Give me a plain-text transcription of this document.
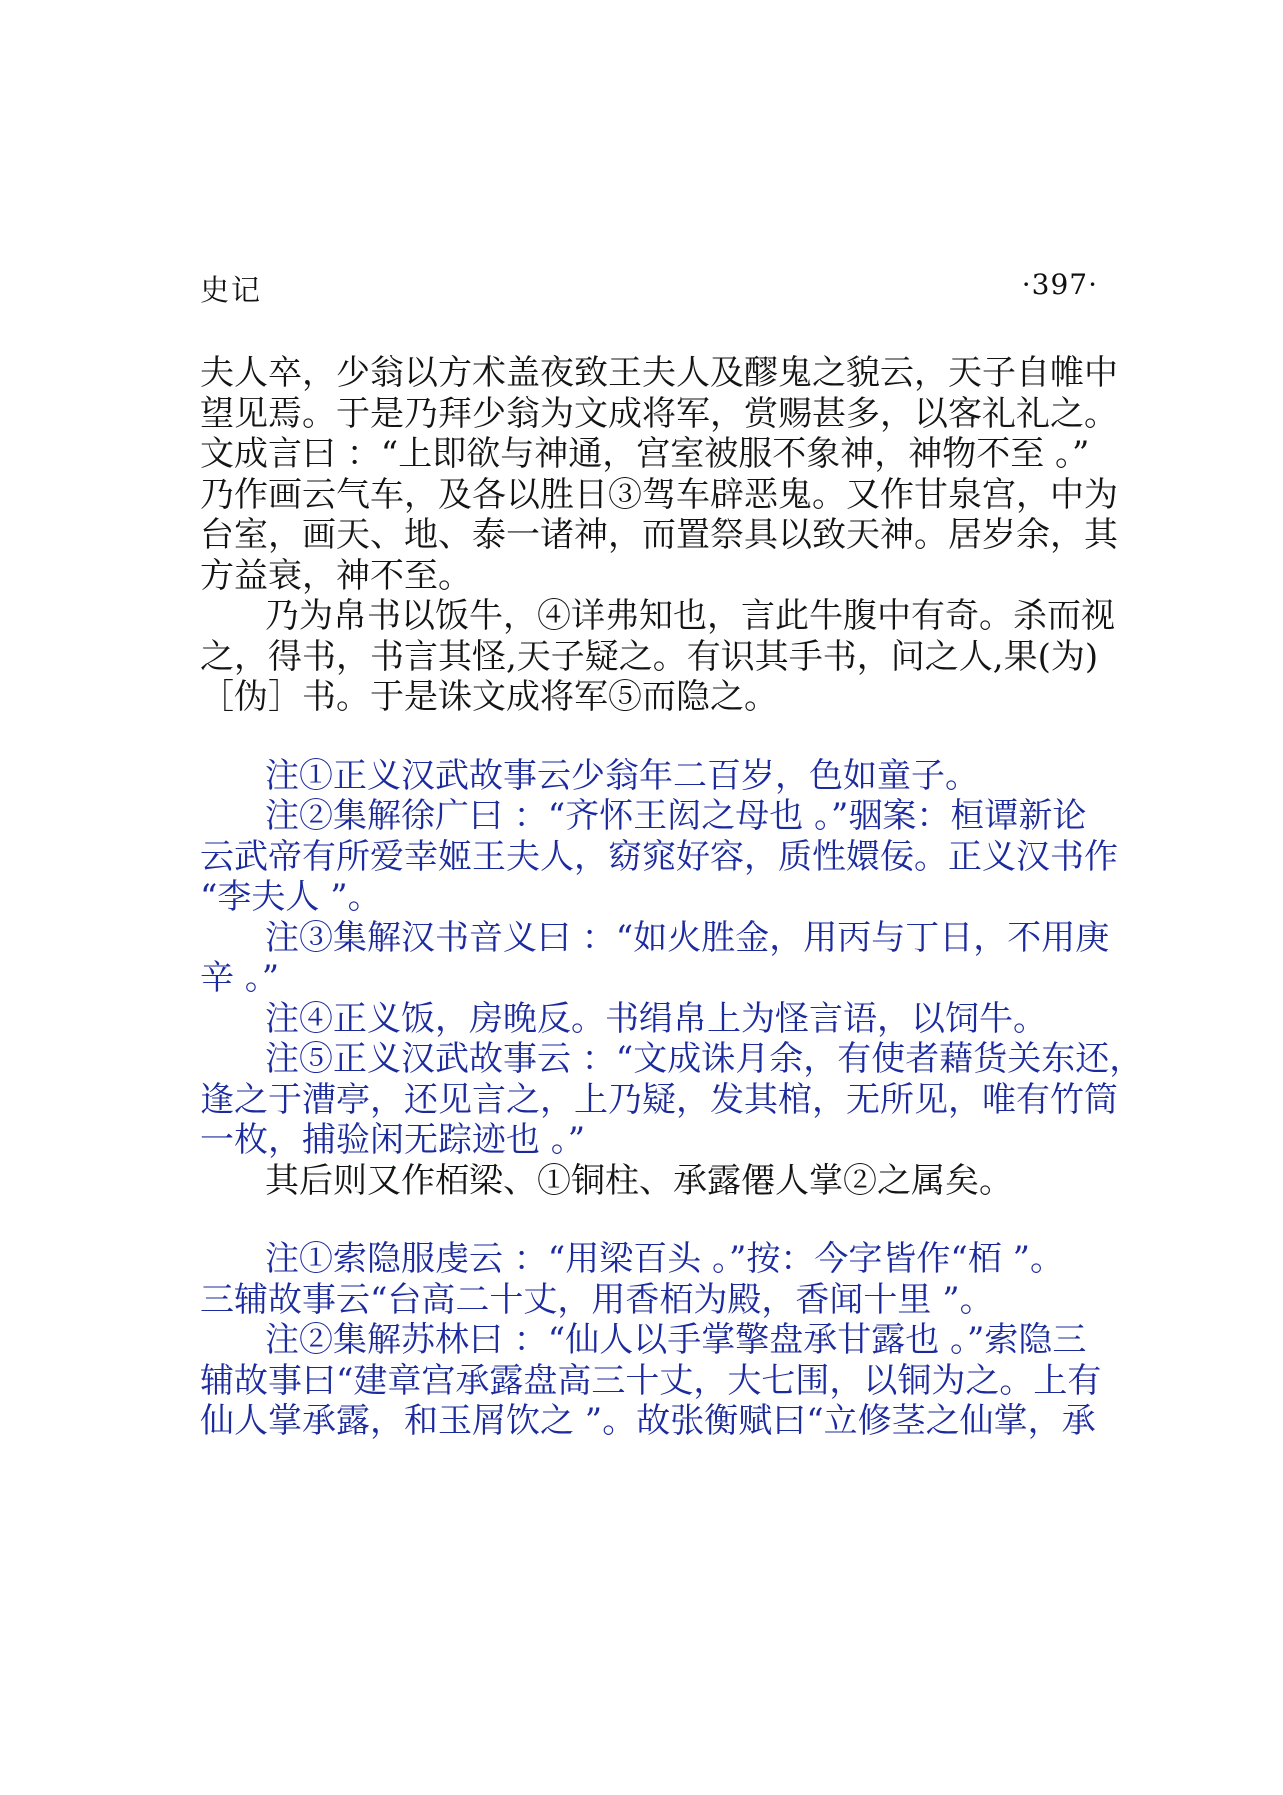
史记	·397·
夫人卒，少翁以方术盖夜致王夫人及醪鬼之貌云，天子自帷中
望见焉。于是乃拜少翁为文成将军，赏赐甚多，以客礼礼之。
文成言曰 ：“上即欲与神通，宫室被服不象神，神物不至 。”
乃作画云气车，及各以胜日③驾车辟恶鬼。又作甘泉宫，中为
台室，画天、地、泰一诸神，而置祭具以致天神。居岁余，其
方益衰，神不至。
乃为帛书以饭牛，④详弗知也，言此牛腹中有奇。杀而视
之，得书，书言其怪,天子疑之。有识其手书，问之人,果(为)
［伪］书。于是诛文成将军⑤而隐之。
注①正义汉武故事云少翁年二百岁，色如童子。
注②集解徐广曰 ：“齐怀王闳之母也 。”骃案：桓谭新论
云武帝有所爱幸姬王夫人，窈窕好容，质性嬛佞。正义汉书作
“李夫人 ”。
注③集解汉书音义曰 ：“如火胜金，用丙与丁日，不用庚
辛 。”
注④正义饭，房晚反。书绢帛上为怪言语，以饲牛。
注⑤正义汉武故事云 ：“文成诛月余，有使者藉货关东还，
逢之于漕亭，还见言之，上乃疑，发其棺，无所见，唯有竹筒
一枚，捕验闲无踪迹也 。”
其后则又作栢梁、①铜柱、承露僊人掌②之属矣。
注①索隐服虔云 ：“用梁百头 。”按：今字皆作“栢 ”。
三辅故事云“台高二十丈，用香栢为殿，香闻十里 ”。
注②集解苏林曰 ：“仙人以手掌擎盘承甘露也 。”索隐三
辅故事曰“建章宫承露盘高三十丈，大七围，以铜为之。上有
仙人掌承露，和玉屑饮之 ”。故张衡赋曰“立修茎之仙掌，承
